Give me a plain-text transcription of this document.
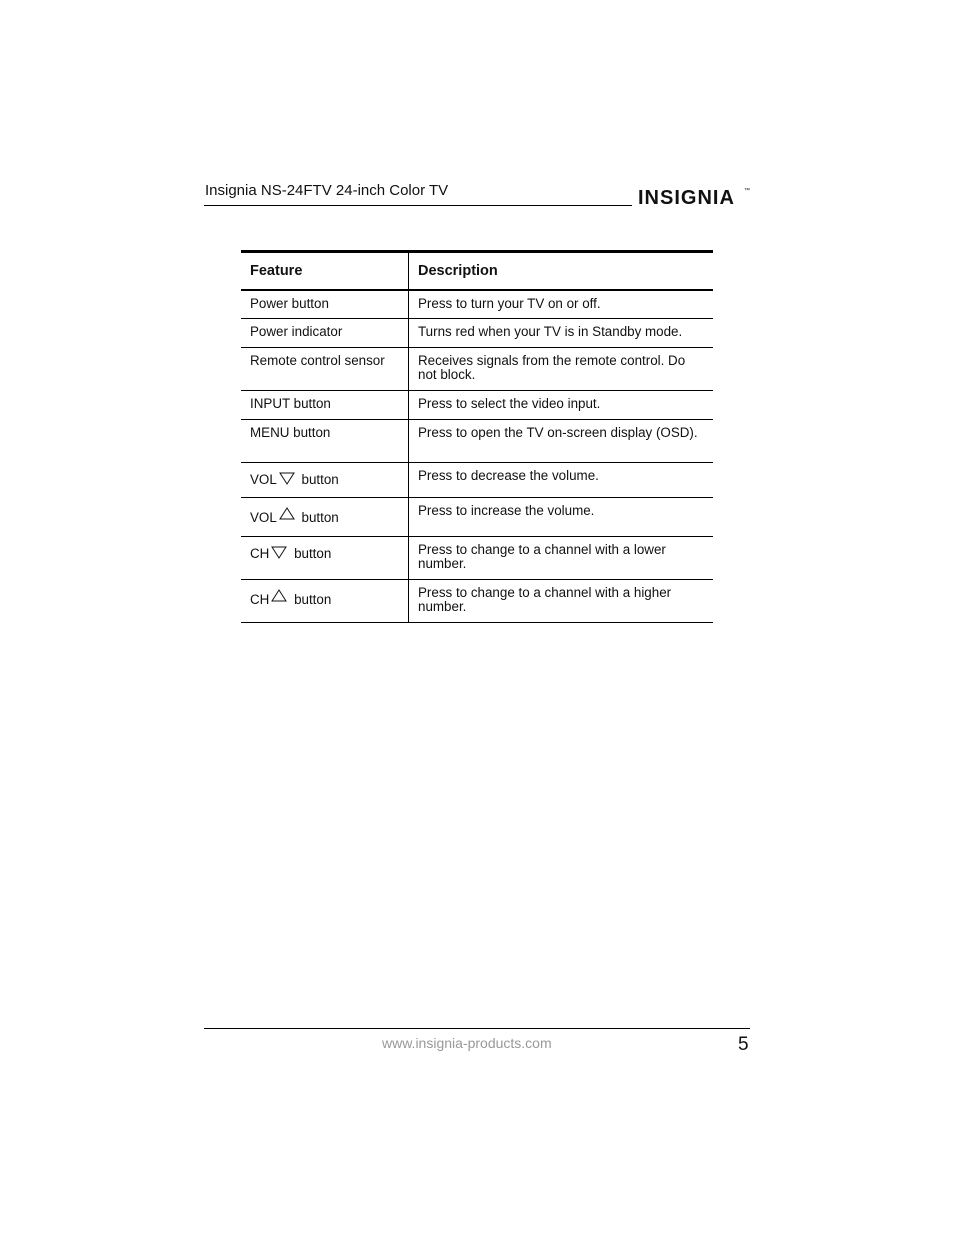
Insignia NS-24FTV 24-inch Color TV	INSIGNIA ™
Feature	Description
Power button	Press to turn your TV on or off.
Power indicator	Turns red when your TV is in Standby mode.
Remote control sensor	Receives signals from the remote control. Do not block.
INPUT button	Press to select the video input.
MENU button	Press to open the TV on-screen display (OSD).
VOL button	Press to decrease the volume.
VOL button	Press to increase the volume.
CH button	Press to change to a channel with a lower number.
CH button	Press to change to a channel with a higher number.
www.insignia-products.com	5
